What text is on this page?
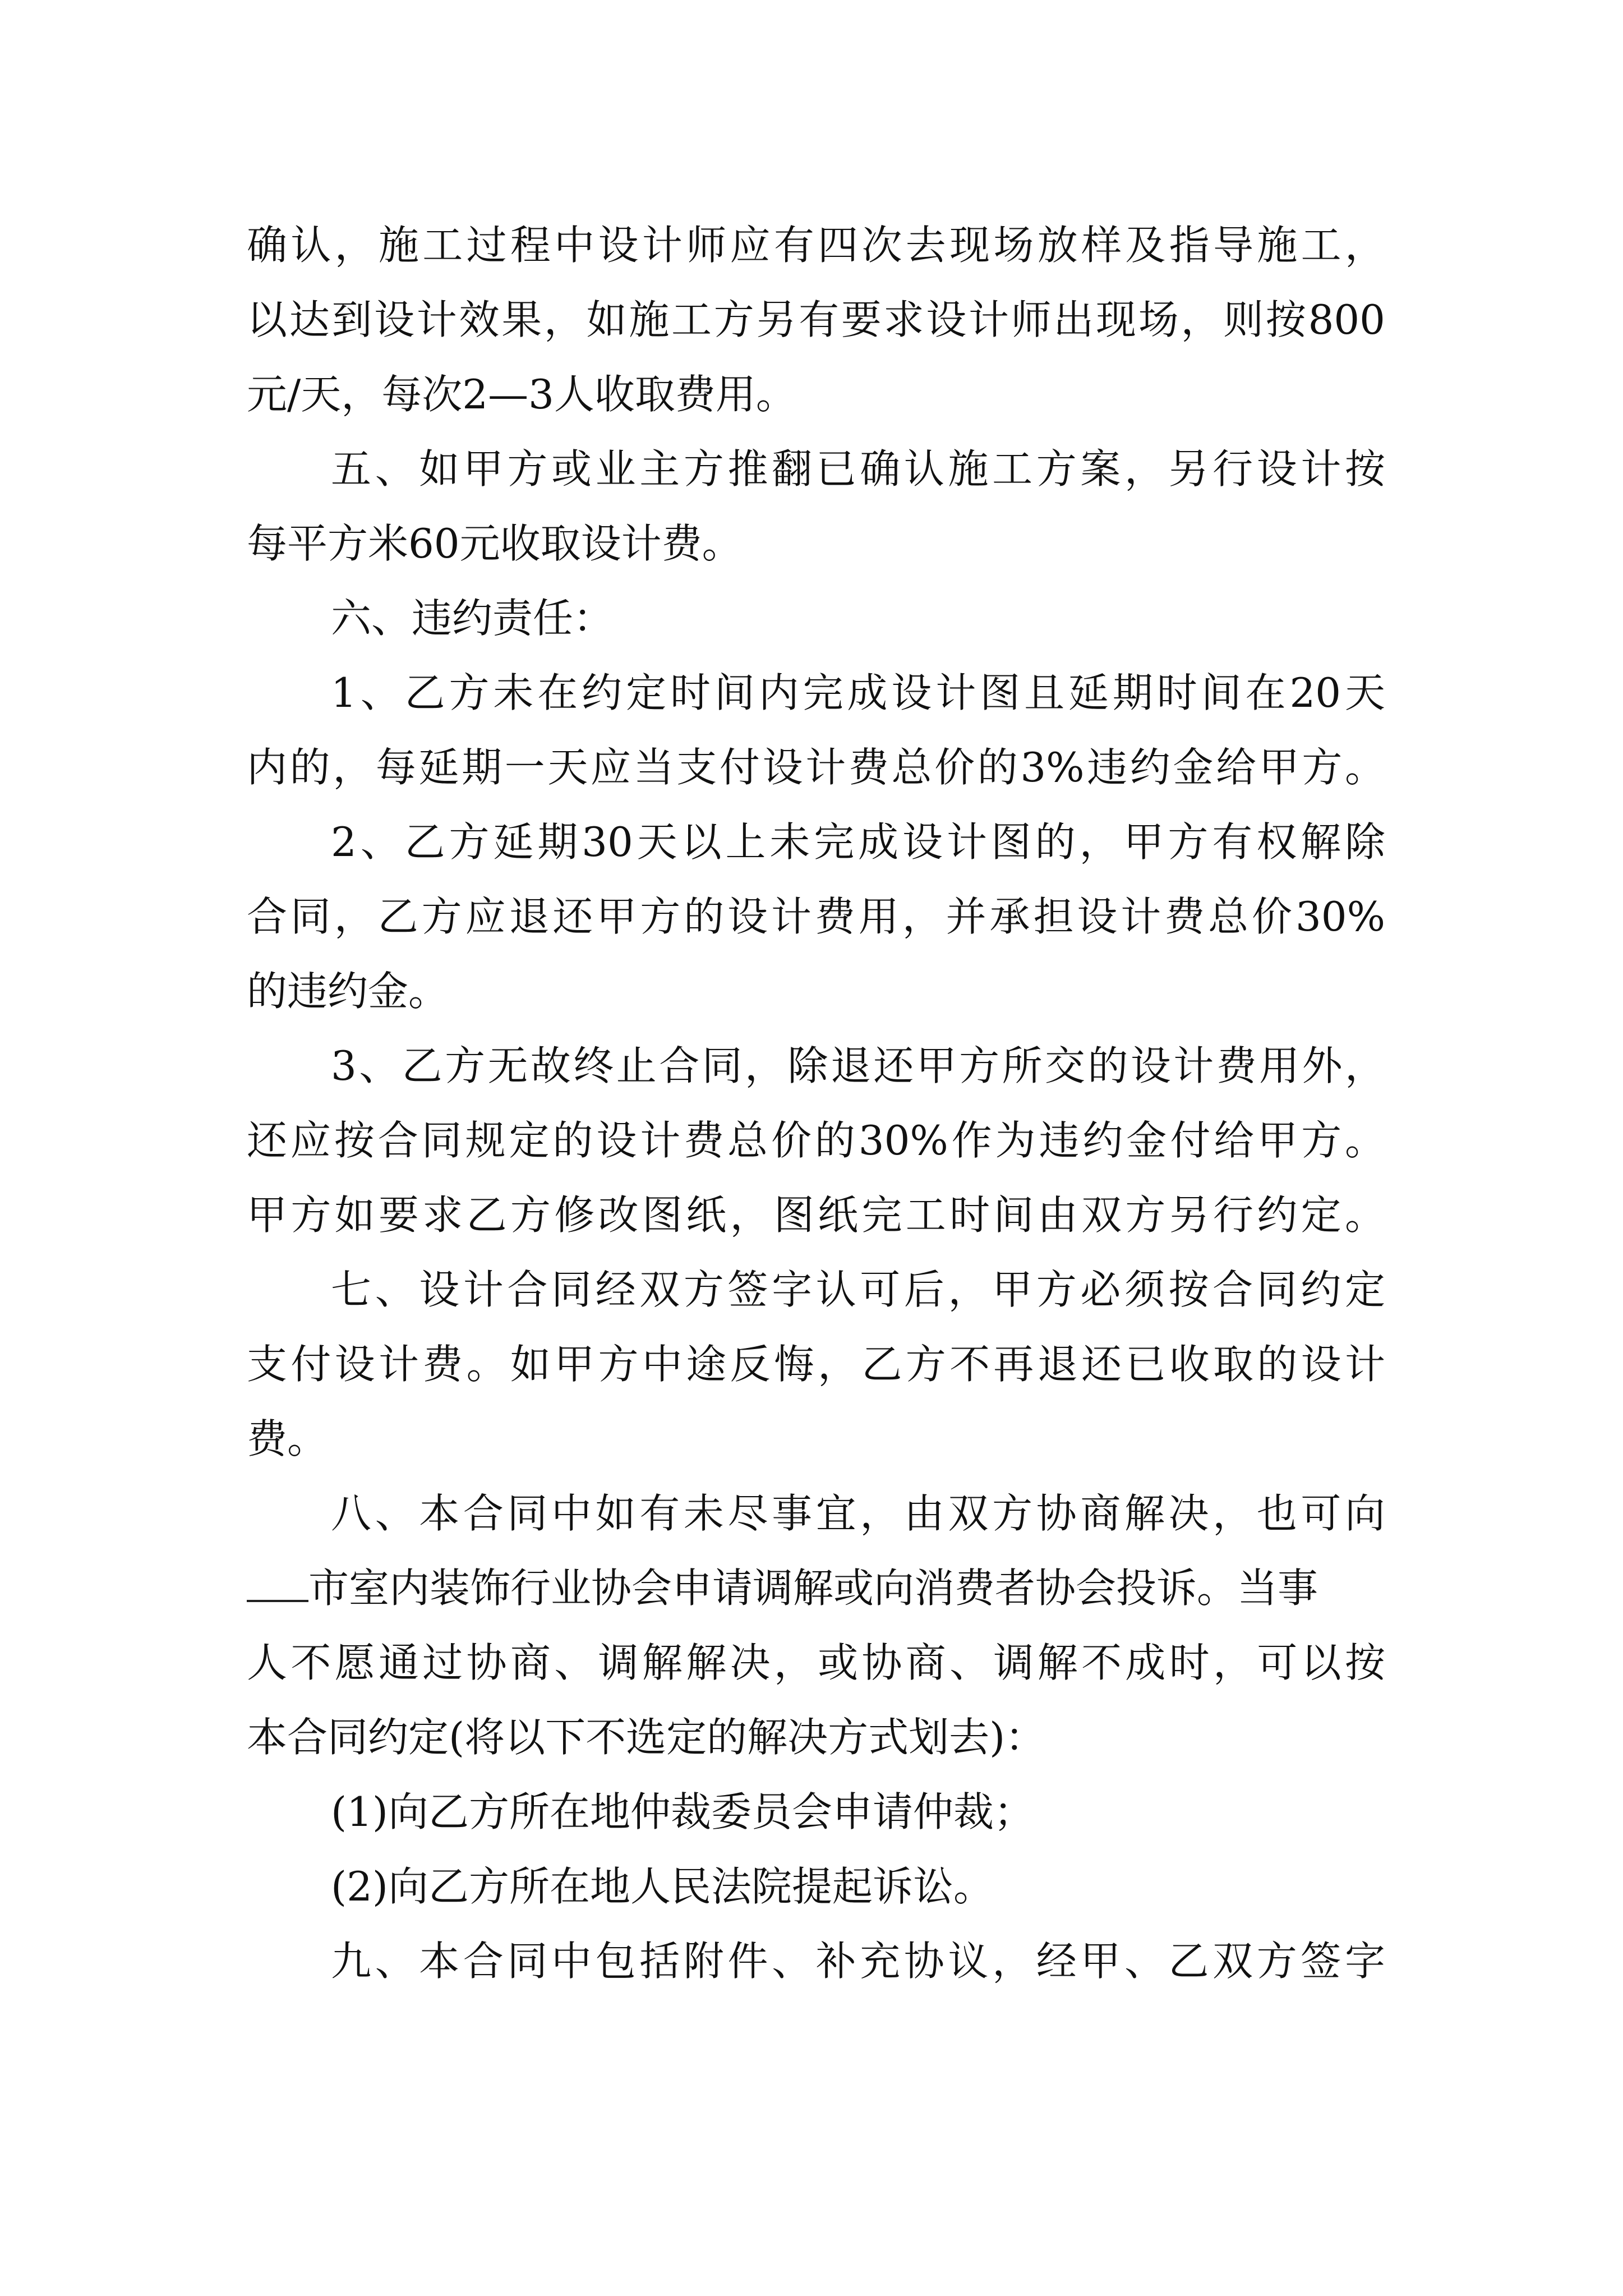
确认，施工过程中设计师应有四次去现场放样及指导施工，
以达到设计效果，如施工方另有要求设计师出现场，则按800
元/天，每次2—3人收取费用。
五、如甲方或业主方推翻已确认施工方案，另行设计按
每平方米60元收取设计费。
六、违约责任：
1、乙方未在约定时间内完成设计图且延期时间在20天
内的，每延期一天应当支付设计费总价的3%违约金给甲方。
2、乙方延期30天以上未完成设计图的，甲方有权解除
合同，乙方应退还甲方的设计费用，并承担设计费总价30%
的违约金。
3、乙方无故终止合同，除退还甲方所交的设计费用外，
还应按合同规定的设计费总价的30%作为违约金付给甲方。
甲方如要求乙方修改图纸，图纸完工时间由双方另行约定。
七、设计合同经双方签字认可后，甲方必须按合同约定
支付设计费。如甲方中途反悔，乙方不再退还已收取的设计
费。
八、本合同中如有未尽事宜，由双方协商解决，也可向
市室内装饰行业协会申请调解或向消费者协会投诉。当事
人不愿通过协商、调解解决，或协商、调解不成时，可以按
本合同约定(将以下不选定的解决方式划去)：
(1)向乙方所在地仲裁委员会申请仲裁；
(2)向乙方所在地人民法院提起诉讼。
九、本合同中包括附件、补充协议，经甲、乙双方签字
